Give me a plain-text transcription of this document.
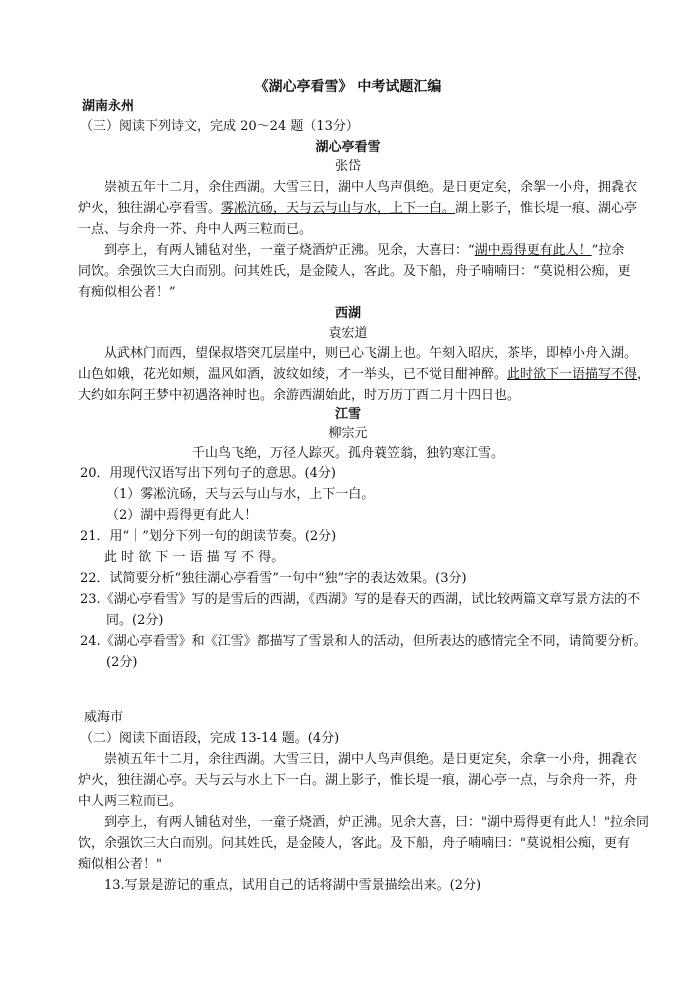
《湖心亭看雪》 中考试题汇编
湖南永州
（三）阅读下列诗文，完成 20～24 题（13分）
湖心亭看雪
张岱
崇祯五年十二月，余住西湖。大雪三日，湖中人鸟声俱绝。是日更定矣，余挐一小舟，拥毳衣
炉火，独往湖心亭看雪。雾凇沆砀，天与云与山与水，上下一白。湖上影子，惟长堤一痕、湖心亭
一点、与余舟一芥、舟中人两三粒而已。
到亭上，有两人铺毡对坐，一童子烧酒炉正沸。见余，大喜曰：“湖中焉得更有此人！”拉余
同饮。余强饮三大白而别。问其姓氏，是金陵人，客此。及下船，舟子喃喃曰：“莫说相公痴，更
有痴似相公者！”
西湖
袁宏道
从武林门而西，望保叔塔突兀层崖中，则已心飞湖上也。午刻入昭庆，茶毕，即棹小舟入湖。
山色如娥，花光如颊，温风如酒，波纹如绫，才一举头，已不觉目酣神醉。此时欲下一语描写不得，
大约如东阿王梦中初遇洛神时也。余游西湖始此，时万历丁酉二月十四日也。
江雪
柳宗元
千山鸟飞绝，万径人踪灭。孤舟蓑笠翁，独钓寒江雪。
20．用现代汉语写出下列句子的意思。(4分)
（1）雾凇沆砀，天与云与山与水，上下一白。
（2）湖中焉得更有此人！
21．用“｜”划分下列一句的朗读节奏。(2分)
此 时 欲 下 一 语 描 写 不 得。
22．试简要分析“独往湖心亭看雪”一句中“独”字的表达效果。(3分)
23.《湖心亭看雪》写的是雪后的西湖，《西湖》写的是春天的西湖，试比较两篇文章写景方法的不
同。(2分)
24.《湖心亭看雪》和《江雪》都描写了雪景和人的活动，但所表达的感情完全不同，请简要分析。
(2分)
威海市
（二）阅读下面语段，完成 13-14 题。(4分)
崇祯五年十二月，余往西湖。大雪三日，湖中人鸟声俱绝。是日更定矣，余拿一小舟，拥毳衣
炉火，独往湖心亭。天与云与水上下一白。湖上影子，惟长堤一痕，湖心亭一点，与余舟一芥，舟
中人两三粒而已。
到亭上，有两人铺毡对坐，一童子烧酒，炉正沸。见余大喜，曰："湖中焉得更有此人！"拉余同
饮，余强饮三大白而别。问其姓氏，是金陵人，客此。及下船，舟子喃喃曰："莫说相公痴，更有
痴似相公者！"
13.写景是游记的重点，试用自己的话将湖中雪景描绘出来。(2分)
